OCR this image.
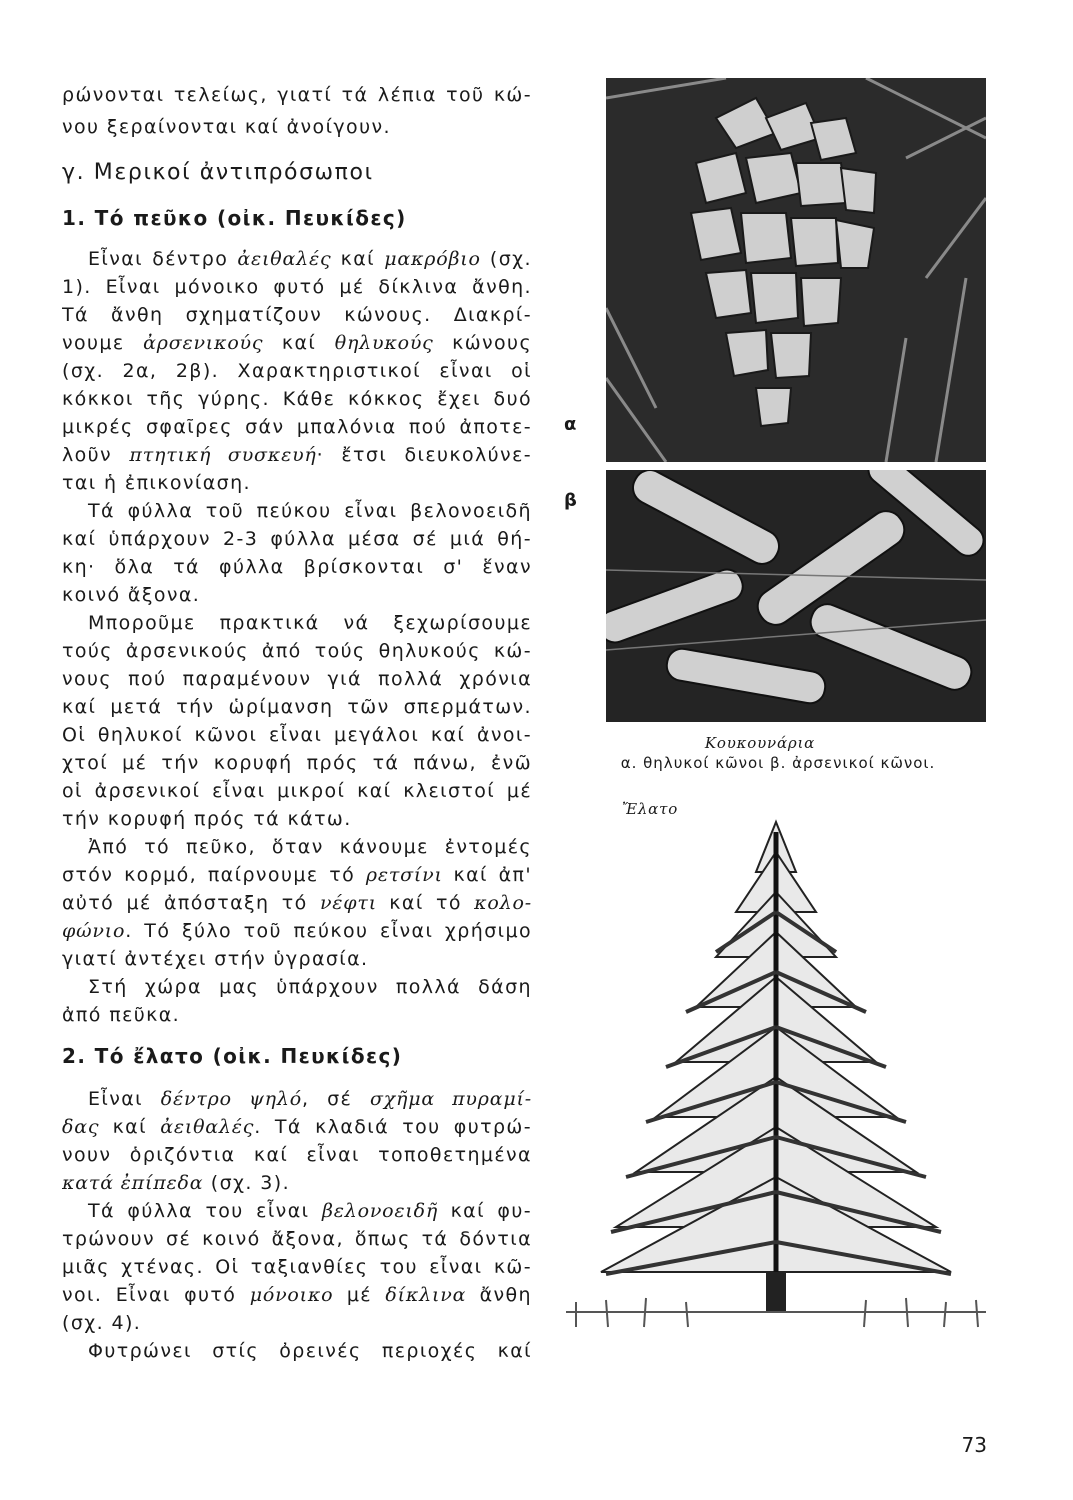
ρώνονται τελείως, γιατί τά λέπια τοῦ κώ-
νου ξεραίνονται καί ἀνοίγουν.
γ. Μερικοί ἀντιπρόσωποι
1. Τό πεῦκο (οἰκ. Πευκίδες)
Εἶναι δέντρο ἀειθαλές καί μακρόβιο (σχ.
1). Εἶναι μόνοικο φυτό μέ δίκλινα ἄνθη.
Τά ἄνθη σχηματίζουν κώνους. Διακρί-
νουμε ἀρσενικούς καί θηλυκούς κώνους
(σχ. 2α, 2β). Χαρακτηριστικοί εἶναι οἱ
κόκκοι τῆς γύρης. Κάθε κόκκος ἔχει δυό
μικρές σφαῖρες σάν μπαλόνια πού ἀποτε-
λοῦν πτητική συσκευή· ἔτσι διευκολύνε-
ται ἡ ἐπικονίαση.
Τά φύλλα τοῦ πεύκου εἶναι βελονοειδῆ
καί ὑπάρχουν 2-3 φύλλα μέσα σέ μιά θή-
κη· ὅλα τά φύλλα βρίσκονται σ' ἕναν
κοινό ἄξονα.
Μποροῦμε πρακτικά νά ξεχωρίσουμε
τούς ἀρσενικούς ἀπό τούς θηλυκούς κώ-
νους πού παραμένουν γιά πολλά χρόνια
καί μετά τήν ὡρίμανση τῶν σπερμάτων.
Οἱ θηλυκοί κῶνοι εἶναι μεγάλοι καί ἀνοι-
χτοί μέ τήν κορυφή πρός τά πάνω, ἐνῶ
οἱ ἀρσενικοί εἶναι μικροί καί κλειστοί μέ
τήν κορυφή πρός τά κάτω.
Ἀπό τό πεῦκο, ὅταν κάνουμε ἐντομές
στόν κορμό, παίρνουμε τό ρετσίνι καί ἀπ'
αὐτό μέ ἀπόσταξη τό νέφτι καί τό κολο-
φώνιο. Τό ξύλο τοῦ πεύκου εἶναι χρήσιμο
γιατί ἀντέχει στήν ὑγρασία.
Στή χώρα μας ὑπάρχουν πολλά δάση
ἀπό πεῦκα.
2. Τό ἔλατο (οἰκ. Πευκίδες)
Εἶναι δέντρο ψηλό, σέ σχῆμα πυραμί-
δας καί ἀειθαλές. Τά κλαδιά του φυτρώ-
νουν ὁριζόντια καί εἶναι τοποθετημένα
κατά ἐπίπεδα (σχ. 3).
Τά φύλλα του εἶναι βελονοειδῆ καί φυ-
τρώνουν σέ κοινό ἄξονα, ὅπως τά δόντια
μιᾶς χτένας. Οἱ ταξιανθίες του εἶναι κῶ-
νοι. Εἶναι φυτό μόνοικο μέ δίκλινα ἄνθη
(σχ. 4).
Φυτρώνει στίς ὀρεινές περιοχές καί
α
β
Κουκουνάρια
α. θηλυκοί κῶνοι β. ἀρσενικοί κῶνοι.
Ἔλατο
73
